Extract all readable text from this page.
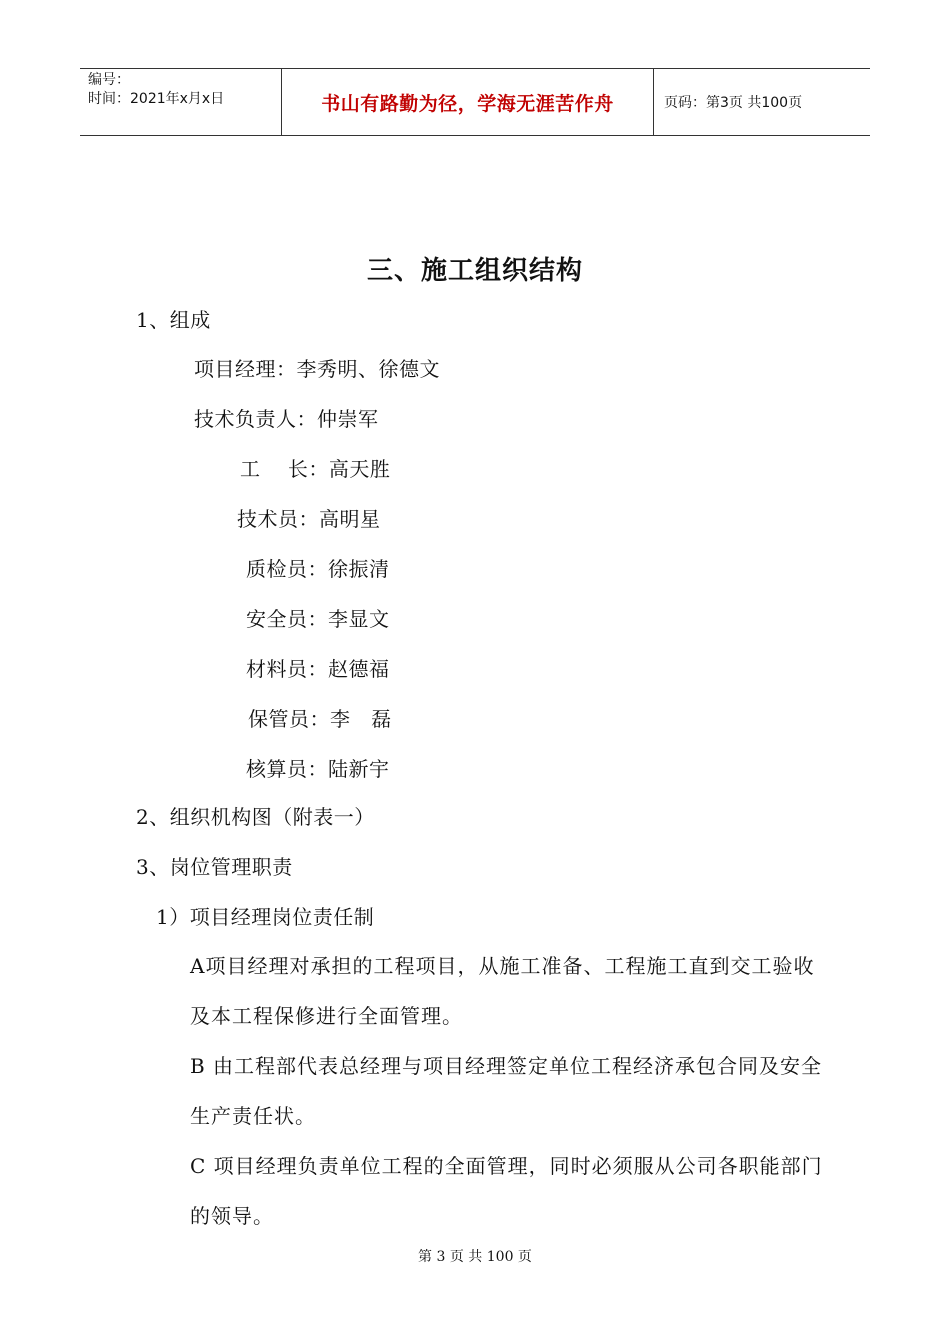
编号：
时间：2021年x月x日	书山有路勤为径，学海无涯苦作舟	页码：第3页 共100页
三、施工组织结构
1、组成
项目经理：李秀明、徐德文
技术负责人：仲崇军
工    长：高天胜
技术员：高明星
质检员：徐振清
安全员：李显文
材料员：赵德福
保管员：李   磊
核算员：陆新宇
2、组织机构图（附表一）
3、岗位管理职责
1）项目经理岗位责任制
A项目经理对承担的工程项目，从施工准备、工程施工直到交工验收及本工程保修进行全面管理。
B 由工程部代表总经理与项目经理签定单位工程经济承包合同及安全生产责任状。
C 项目经理负责单位工程的全面管理，同时必须服从公司各职能部门的领导。
第 3 页 共 100 页
